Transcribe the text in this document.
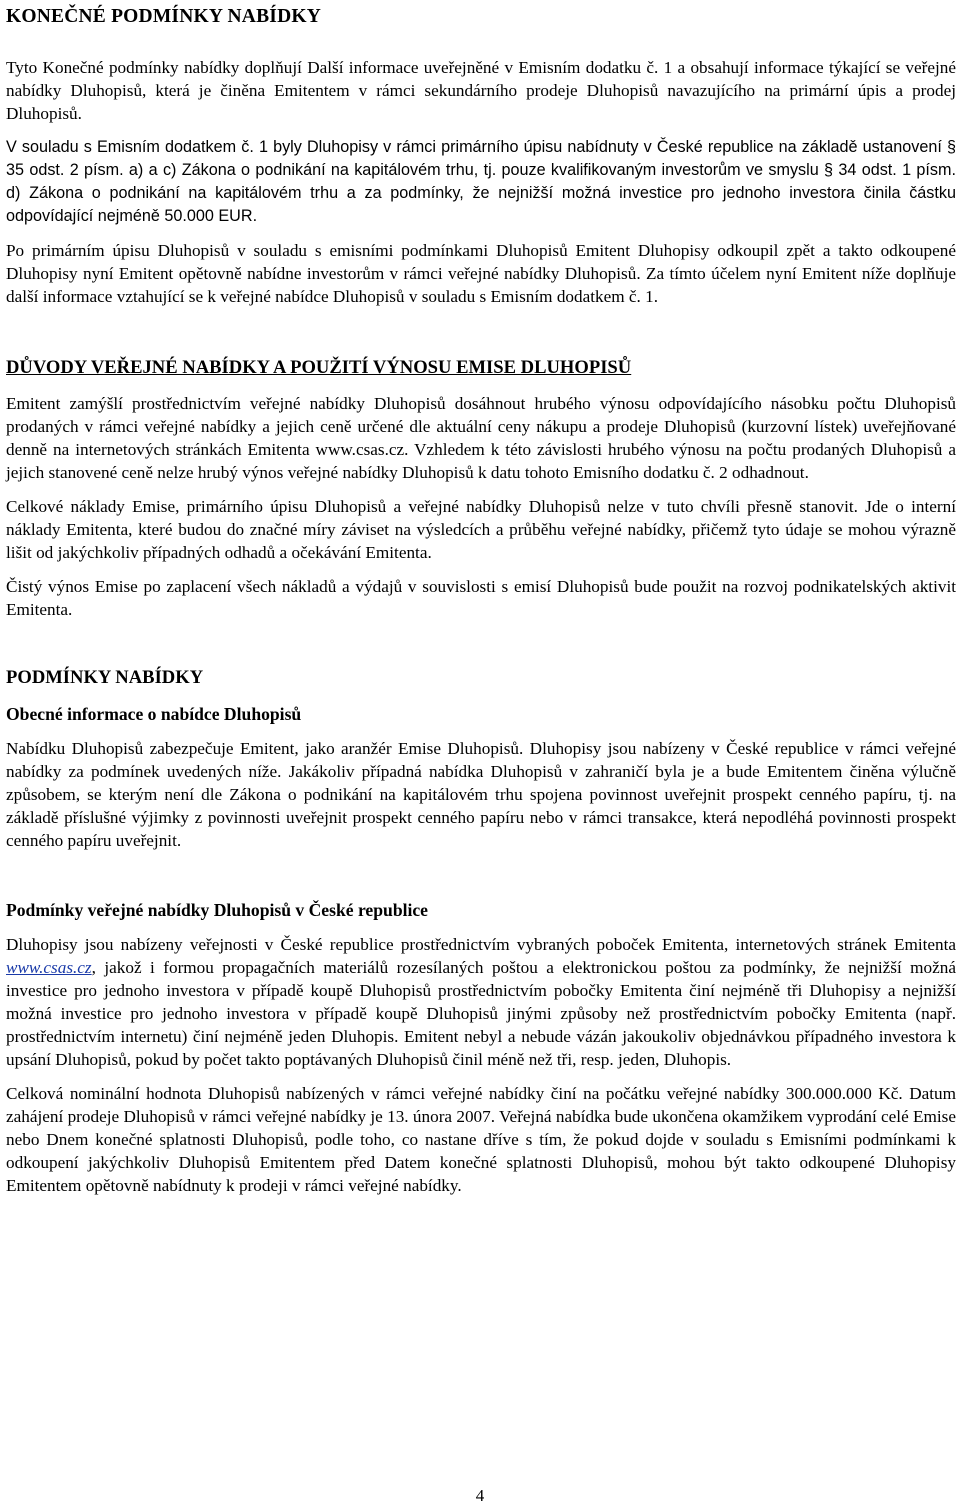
KONEČNÉ PODMÍNKY NABÍDKY

Tyto Konečné podmínky nabídky doplňují Další informace uveřejněné v Emisním dodatku č. 1 a obsahují informace týkající se veřejné nabídky Dluhopisů, která je činěna Emitentem v rámci sekundárního prodeje Dluhopisů navazujícího na primární úpis a prodej Dluhopisů.

V souladu s Emisním dodatkem č. 1 byly Dluhopisy v rámci primárního úpisu nabídnuty v České republice na základě ustanovení § 35 odst. 2 písm. a) a c) Zákona o podnikání na kapitálovém trhu, tj. pouze kvalifikovaným investorům ve smyslu § 34 odst. 1 písm. d) Zákona o podnikání na kapitálovém trhu a za podmínky, že nejnižší možná investice pro jednoho investora činila částku odpovídající nejméně 50.000 EUR.

Po primárním úpisu Dluhopisů v souladu s emisními podmínkami Dluhopisů Emitent Dluhopisy odkoupil zpět a takto odkoupené Dluhopisy nyní Emitent opětovně nabídne investorům v rámci veřejné nabídky Dluhopisů. Za tímto účelem nyní Emitent níže doplňuje další informace vztahující se k veřejné nabídce Dluhopisů v souladu s Emisním dodatkem č. 1.

DŮVODY VEŘEJNÉ NABÍDKY A POUŽITÍ VÝNOSU EMISE DLUHOPISŮ

Emitent zamýšlí prostřednictvím veřejné nabídky Dluhopisů dosáhnout hrubého výnosu odpovídajícího násobku počtu Dluhopisů prodaných v rámci veřejné nabídky a jejich ceně určené dle aktuální ceny nákupu a prodeje Dluhopisů (kurzovní lístek) uveřejňované denně na internetových stránkách Emitenta www.csas.cz. Vzhledem k této závislosti hrubého výnosu na počtu prodaných Dluhopisů a jejich stanovené ceně nelze hrubý výnos veřejné nabídky Dluhopisů k datu tohoto Emisního dodatku č. 2 odhadnout.

Celkové náklady Emise, primárního úpisu Dluhopisů a veřejné nabídky Dluhopisů nelze v tuto chvíli přesně stanovit. Jde o interní náklady Emitenta, které budou do značné míry záviset na výsledcích a průběhu veřejné nabídky, přičemž tyto údaje se mohou výrazně lišit od jakýchkoliv případných odhadů a očekávání Emitenta.

Čistý výnos Emise po zaplacení všech nákladů a výdajů v souvislosti s emisí Dluhopisů bude použit na rozvoj podnikatelských aktivit Emitenta.

PODMÍNKY NABÍDKY
Obecné informace o nabídce Dluhopisů

Nabídku Dluhopisů zabezpečuje Emitent, jako aranžér Emise Dluhopisů. Dluhopisy jsou nabízeny v České republice v rámci veřejné nabídky za podmínek uvedených níže. Jakákoliv případná nabídka Dluhopisů v zahraničí byla je a bude Emitentem činěna výlučně způsobem, se kterým není dle Zákona o podnikání na kapitálovém trhu spojena povinnost uveřejnit prospekt cenného papíru, tj. na základě příslušné výjimky z povinnosti uveřejnit prospekt cenného papíru nebo v rámci transakce, která nepodléhá povinnosti prospekt cenného papíru uveřejnit.

Podmínky veřejné nabídky Dluhopisů v České republice

Dluhopisy jsou nabízeny veřejnosti v České republice prostřednictvím vybraných poboček Emitenta, internetových stránek Emitenta www.csas.cz, jakož i formou propagačních materiálů rozesílaných poštou a elektronickou poštou za podmínky, že nejnižší možná investice pro jednoho investora v případě koupě Dluhopisů prostřednictvím pobočky Emitenta činí nejméně tři Dluhopisy a nejnižší možná investice pro jednoho investora v případě koupě Dluhopisů jinými způsoby než prostřednictvím pobočky Emitenta (např. prostřednictvím internetu) činí nejméně jeden Dluhopis. Emitent nebyl a nebude vázán jakoukoliv objednávkou případného investora k upsání Dluhopisů, pokud by počet takto poptávaných Dluhopisů činil méně než tři, resp. jeden, Dluhopis.

Celková nominální hodnota Dluhopisů nabízených v rámci veřejné nabídky činí na počátku veřejné nabídky 300.000.000 Kč. Datum zahájení prodeje Dluhopisů v rámci veřejné nabídky je 13. února 2007. Veřejná nabídka bude ukončena okamžikem vyprodání celé Emise nebo Dnem konečné splatnosti Dluhopisů, podle toho, co nastane dříve s tím, že pokud dojde v souladu s Emisními podmínkami k odkoupení jakýchkoliv Dluhopisů Emitentem před Datem konečné splatnosti Dluhopisů, mohou být takto odkoupené Dluhopisy Emitentem opětovně nabídnuty k prodeji v rámci veřejné nabídky.

4
